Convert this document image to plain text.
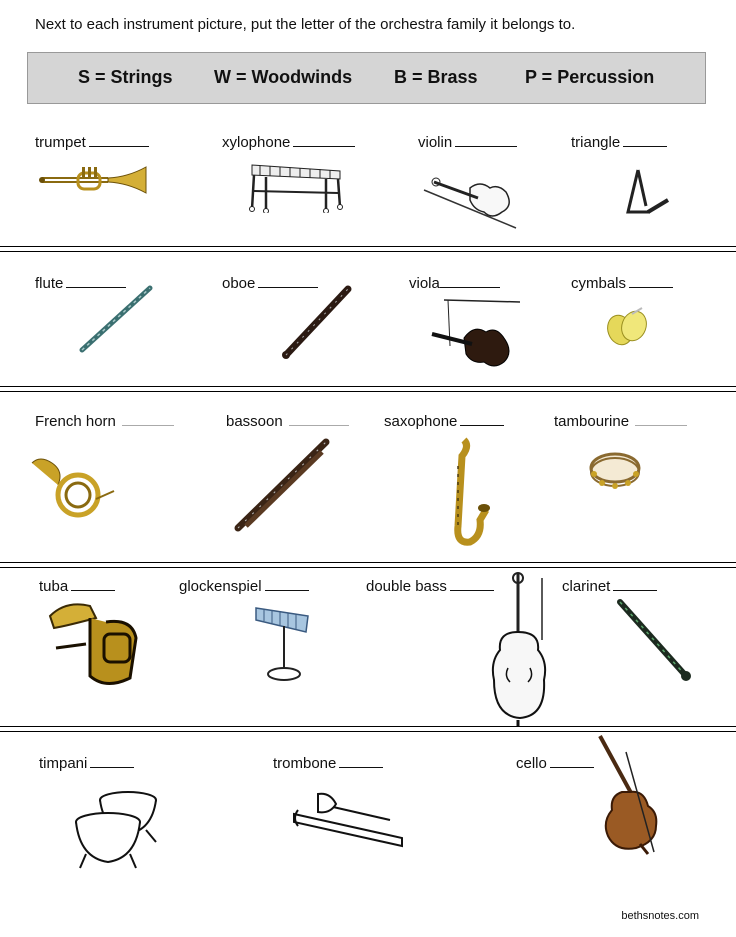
Next to each instrument picture, put the letter of the orchestra family it belongs to.
S = Strings W = Woodwinds B = Brass	P = Percussion
trumpet	xylophone	violin	triangle
flute	oboe	viola	cymbals
French horn	bassoon	saxophone	tambourine
tuba	glockenspiel	double bass	clarinet
timpani	trombone	cello
bethsnotes.com
